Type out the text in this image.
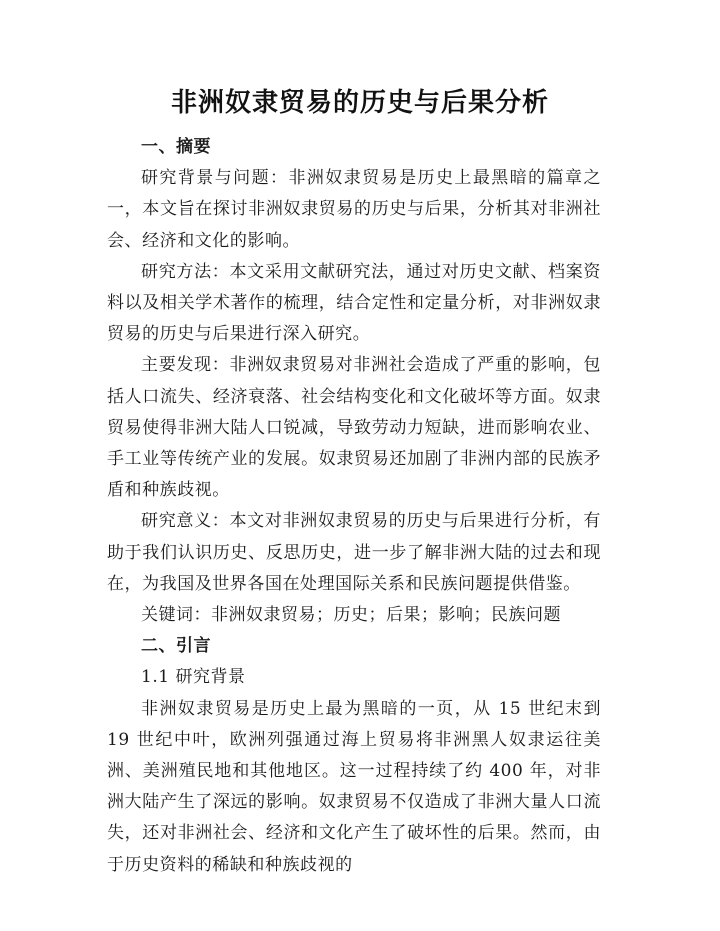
非洲奴隶贸易的历史与后果分析
一、摘要
研究背景与问题：非洲奴隶贸易是历史上最黑暗的篇章之一，本文旨在探讨非洲奴隶贸易的历史与后果，分析其对非洲社会、经济和文化的影响。
研究方法：本文采用文献研究法，通过对历史文献、档案资料以及相关学术著作的梳理，结合定性和定量分析，对非洲奴隶贸易的历史与后果进行深入研究。
主要发现：非洲奴隶贸易对非洲社会造成了严重的影响，包括人口流失、经济衰落、社会结构变化和文化破坏等方面。奴隶贸易使得非洲大陆人口锐减，导致劳动力短缺，进而影响农业、手工业等传统产业的发展。奴隶贸易还加剧了非洲内部的民族矛盾和种族歧视。
研究意义：本文对非洲奴隶贸易的历史与后果进行分析，有助于我们认识历史、反思历史，进一步了解非洲大陆的过去和现在，为我国及世界各国在处理国际关系和民族问题提供借鉴。
关键词：非洲奴隶贸易；历史；后果；影响；民族问题
二、引言
1.1 研究背景
非洲奴隶贸易是历史上最为黑暗的一页，从 15 世纪末到 19 世纪中叶，欧洲列强通过海上贸易将非洲黑人奴隶运往美洲、美洲殖民地和其他地区。这一过程持续了约 400 年，对非洲大陆产生了深远的影响。奴隶贸易不仅造成了非洲大量人口流失，还对非洲社会、经济和文化产生了破坏性的后果。然而，由于历史资料的稀缺和种族歧视的
